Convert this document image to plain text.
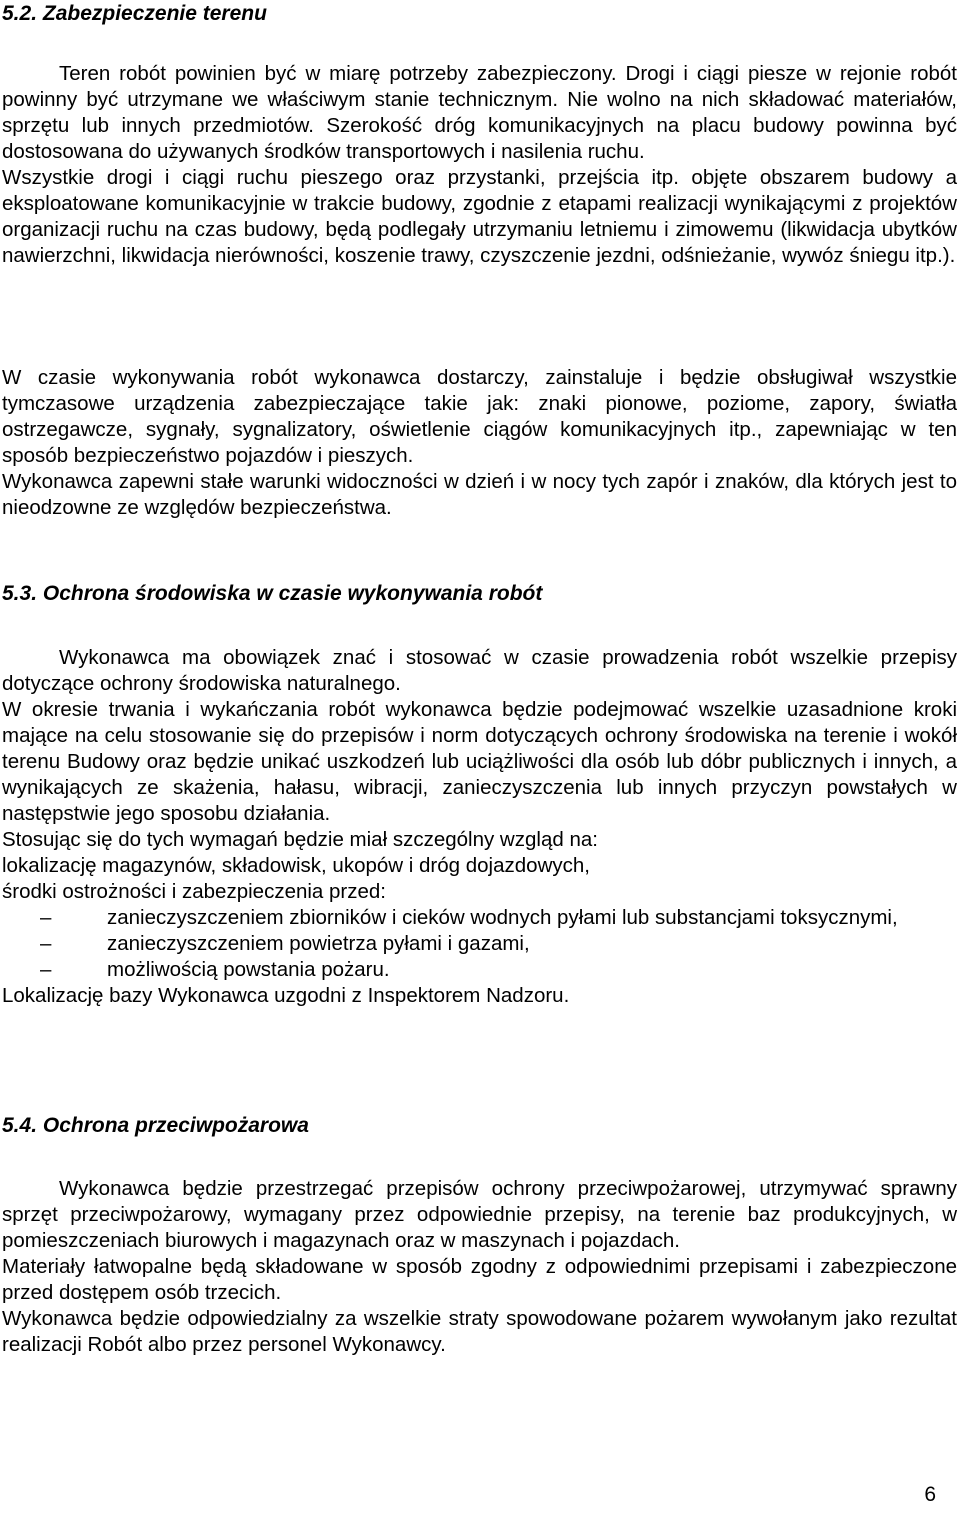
5.2. Zabezpieczenie terenu

Teren robót powinien być w miarę potrzeby zabezpieczony. Drogi i ciągi piesze w rejonie robót powinny być utrzymane we właściwym stanie technicznym. Nie wolno na nich składować materiałów, sprzętu lub innych przedmiotów. Szerokość dróg komunikacyjnych na placu budowy powinna być dostosowana do używanych środków transportowych i nasilenia ruchu.

Wszystkie drogi i ciągi ruchu pieszego oraz przystanki, przejścia itp. objęte obszarem budowy a eksploatowane komunikacyjnie w trakcie budowy, zgodnie z etapami realizacji wynikającymi z projektów organizacji ruchu na czas budowy, będą podlegały utrzymaniu letniemu i zimowemu (likwidacja ubytków nawierzchni, likwidacja nierówności, koszenie trawy, czyszczenie jezdni, odśnieżanie, wywóz śniegu itp.).

W czasie wykonywania robót wykonawca dostarczy, zainstaluje i będzie obsługiwał wszystkie tymczasowe urządzenia zabezpieczające takie jak: znaki pionowe, poziome, zapory, światła ostrzegawcze, sygnały, sygnalizatory, oświetlenie ciągów komunikacyjnych itp., zapewniając w ten sposób bezpieczeństwo pojazdów i pieszych.

Wykonawca zapewni stałe warunki widoczności w dzień i w nocy tych zapór i znaków, dla których jest to nieodzowne ze względów bezpieczeństwa.

5.3. Ochrona środowiska w czasie wykonywania robót

Wykonawca ma obowiązek znać i stosować w czasie prowadzenia robót wszelkie przepisy dotyczące ochrony środowiska naturalnego.

W okresie trwania i wykańczania robót wykonawca będzie podejmować wszelkie uzasadnione kroki mające na celu stosowanie się do przepisów i norm dotyczących ochrony środowiska na terenie i wokół terenu Budowy oraz będzie unikać uszkodzeń lub uciążliwości dla osób lub dóbr publicznych i innych, a wynikających ze skażenia, hałasu, wibracji, zanieczyszczenia lub innych przyczyn powstałych w następstwie jego sposobu działania.

Stosując się do tych wymagań będzie miał szczególny wzgląd na:

lokalizację magazynów, składowisk, ukopów i dróg dojazdowych,

środki ostrożności i zabezpieczenia przed:

–	zanieczyszczeniem zbiorników i cieków wodnych pyłami lub substancjami toksycznymi,

–	zanieczyszczeniem powietrza pyłami i gazami,

–	możliwością powstania pożaru.

Lokalizację bazy Wykonawca uzgodni z Inspektorem Nadzoru.

5.4. Ochrona przeciwpożarowa

Wykonawca będzie przestrzegać przepisów ochrony przeciwpożarowej, utrzymywać sprawny sprzęt przeciwpożarowy, wymagany przez odpowiednie przepisy, na terenie baz produkcyjnych, w pomieszczeniach biurowych i magazynach oraz w maszynach i pojazdach.

Materiały łatwopalne będą składowane w sposób zgodny z odpowiednimi przepisami i zabezpieczone przed dostępem osób trzecich.

Wykonawca będzie odpowiedzialny za wszelkie straty spowodowane pożarem wywołanym jako rezultat realizacji Robót albo przez personel Wykonawcy.

6
